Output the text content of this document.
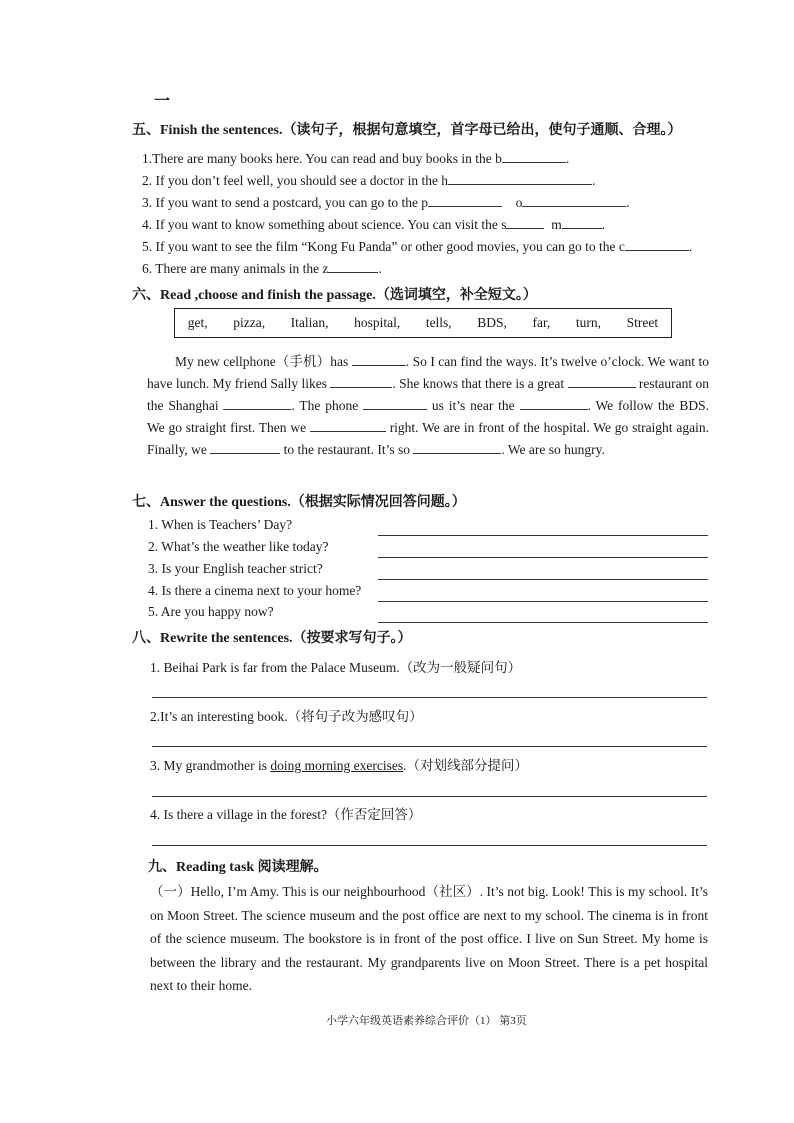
一
五、Finish the sentences.（读句子，根据句意填空，首字母已给出，使句子通顺、合理。）
1.There are many books here. You can read and buy books in the b	.
2. If you don’t feel well, you should see a doctor in the h	.
3. If you want to send a postcard, you can go to the p	o	.
4. If you want to know something about science. You can visit the s	m	.
5. If you want to see the film “Kong Fu Panda” or other good movies, you can go to the c	.
6. There are many animals in the z	.
六、Read ,choose and finish the passage.（选词填空，补全短文。）
get, pizza, Italian, hospital, tells, BDS, far, turn, Street
My new cellphone（手机）has	. So I can find the ways. It’s twelve o’clock. We want to have lunch. My friend Sally likes	. She knows that there is a great	restaurant on the Shanghai	. The phone	us it’s near the	. We follow the BDS. We go straight first. Then we	right. We are in front of the hospital. We go straight again. Finally, we	to the restaurant. It’s so	. We are so hungry.
七、Answer the questions.（根据实际情况回答问题。）
1. When is Teachers’ Day?
2. What’s the weather like today?
3. Is your English teacher strict?
4. Is there a cinema next to your home?
5. Are you happy now?
八、Rewrite the sentences.（按要求写句子。）
1. Beihai Park is far from the Palace Museum.（改为一般疑问句）
2.It’s an interesting book.（将句子改为感叹句）
3. My grandmother is doing morning exercises.（对划线部分提问）
4. Is there a village in the forest?（作否定回答）
九、Reading task 阅读理解。
（一）Hello, I’m Amy. This is our neighbourhood（社区）. It’s not big. Look! This is my school. It’s on Moon Street. The science museum and the post office are next to my school. The cinema is in front of the science museum. The bookstore is in front of the post office. I live on Sun Street. My home is between the library and the restaurant. My grandparents live on Moon Street. There is a pet hospital next to their home.
小学六年级英语素养综合评价（1） 第3页
